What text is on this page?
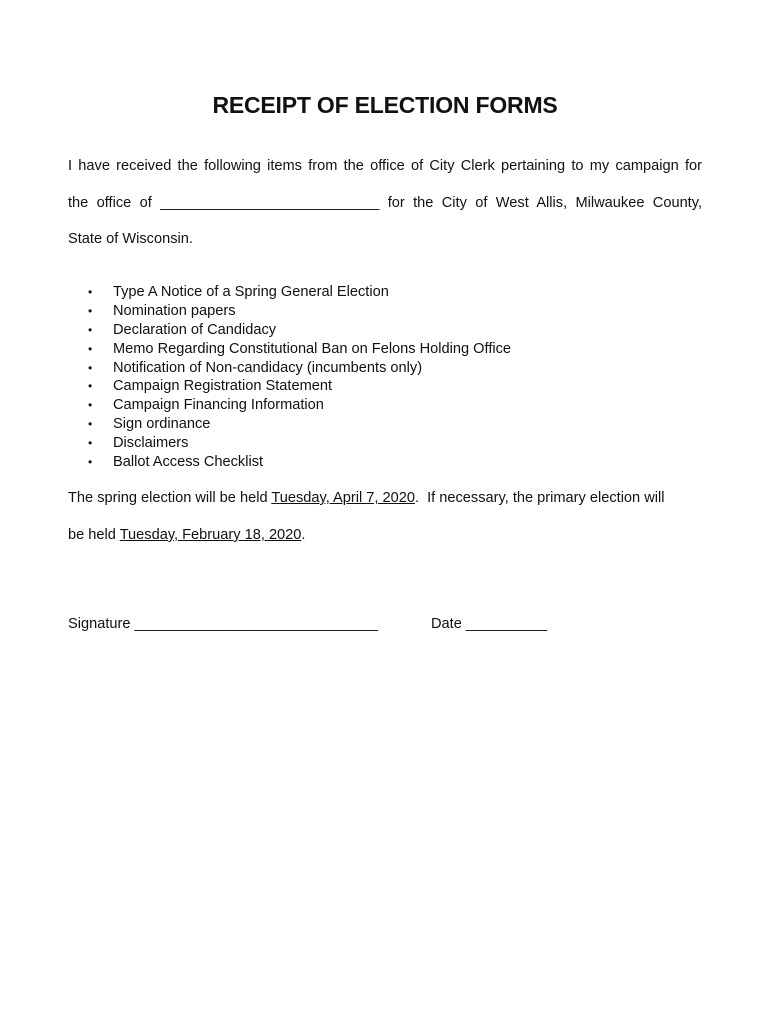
RECEIPT OF ELECTION FORMS
I have received the following items from the office of City Clerk pertaining to my campaign for
the office of ___________________________ for the City of West Allis, Milwaukee County,
State of Wisconsin.
• Type A Notice of a Spring General Election
• Nomination papers
• Declaration of Candidacy
• Memo Regarding Constitutional Ban on Felons Holding Office
• Notification of Non-candidacy (incumbents only)
• Campaign Registration Statement
• Campaign Financing Information
• Sign ordinance
• Disclaimers
• Ballot Access Checklist
The spring election will be held Tuesday, April 7, 2020.  If necessary, the primary election will
be held Tuesday, February 18, 2020.
Signature ______________________________	Date __________
